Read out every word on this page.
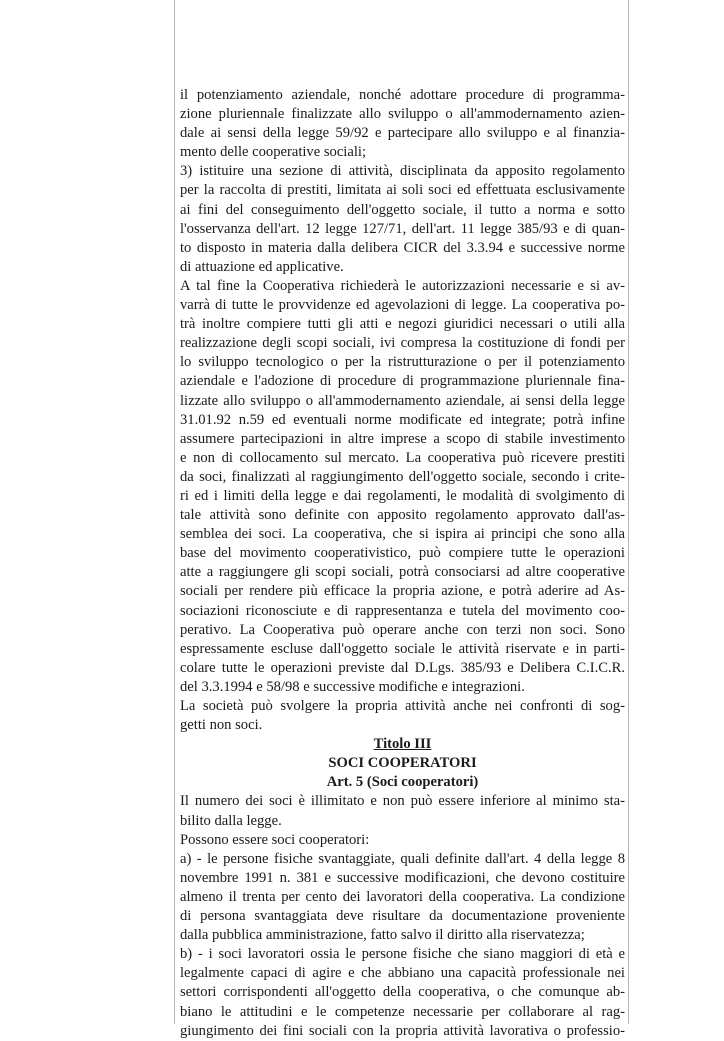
il potenziamento aziendale, nonché adottare procedure di programma-
zione pluriennale finalizzate allo sviluppo o all'ammodernamento azien-
dale ai sensi della legge 59/92 e partecipare allo sviluppo e al finanzia-
mento delle cooperative sociali;
3) istituire una sezione di attività, disciplinata da apposito regolamento
per la raccolta di prestiti, limitata ai soli soci ed effettuata esclusivamente
ai fini del conseguimento dell'oggetto sociale, il tutto a norma e sotto
l'osservanza dell'art. 12 legge 127/71, dell'art. 11 legge 385/93 e di quan-
to disposto in materia dalla delibera CICR del 3.3.94 e successive norme
di attuazione ed applicative.
A tal fine la Cooperativa richiederà le autorizzazioni necessarie e si av-
varrà di tutte le provvidenze ed agevolazioni di legge. La cooperativa po-
trà inoltre compiere tutti gli atti e negozi giuridici necessari o utili alla
realizzazione degli scopi sociali, ivi compresa la costituzione di fondi per
lo sviluppo tecnologico o per la ristrutturazione o per il potenziamento
aziendale e l'adozione di procedure di programmazione pluriennale fina-
lizzate allo sviluppo o all'ammodernamento aziendale, ai sensi della legge
31.01.92 n.59 ed eventuali norme modificate ed integrate; potrà infine
assumere partecipazioni in altre imprese a scopo di stabile investimento
e non di collocamento sul mercato. La cooperativa può ricevere prestiti
da soci, finalizzati al raggiungimento dell'oggetto sociale, secondo i crite-
ri ed i limiti della legge e dai regolamenti, le modalità di svolgimento di
tale attività sono definite con apposito regolamento approvato dall'as-
semblea dei soci. La cooperativa, che si ispira ai principi che sono alla
base del movimento cooperativistico, può compiere tutte le operazioni
atte a raggiungere gli scopi sociali, potrà consociarsi ad altre cooperative
sociali per rendere più efficace la propria azione, e potrà aderire ad As-
sociazioni riconosciute e di rappresentanza e tutela del movimento coo-
perativo. La Cooperativa può operare anche con terzi non soci. Sono
espressamente escluse dall'oggetto sociale le attività riservate e in parti-
colare tutte le operazioni previste dal D.Lgs. 385/93 e Delibera C.I.C.R.
del 3.3.1994 e 58/98 e successive modifiche e integrazioni.
La società può svolgere la propria attività anche nei confronti di sog-
getti non soci.
Titolo III
SOCI COOPERATORI
Art. 5 (Soci cooperatori)
Il numero dei soci è illimitato e non può essere inferiore al minimo sta-
bilito dalla legge.
Possono essere soci cooperatori:
a) - le persone fisiche svantaggiate, quali definite dall'art. 4 della legge 8
novembre 1991 n. 381 e successive modificazioni, che devono costituire
almeno il trenta per cento dei lavoratori della cooperativa. La condizione
di persona svantaggiata deve risultare da documentazione proveniente
dalla pubblica amministrazione, fatto salvo il diritto alla riservatezza;
b) - i soci lavoratori ossia le persone fisiche che siano maggiori di età e
legalmente capaci di agire e che abbiano una capacità professionale nei
settori corrispondenti all'oggetto della cooperativa, o che comunque ab-
biano le attitudini e le competenze necessarie per collaborare al rag-
giungimento dei fini sociali con la propria attività lavorativa o professio-
